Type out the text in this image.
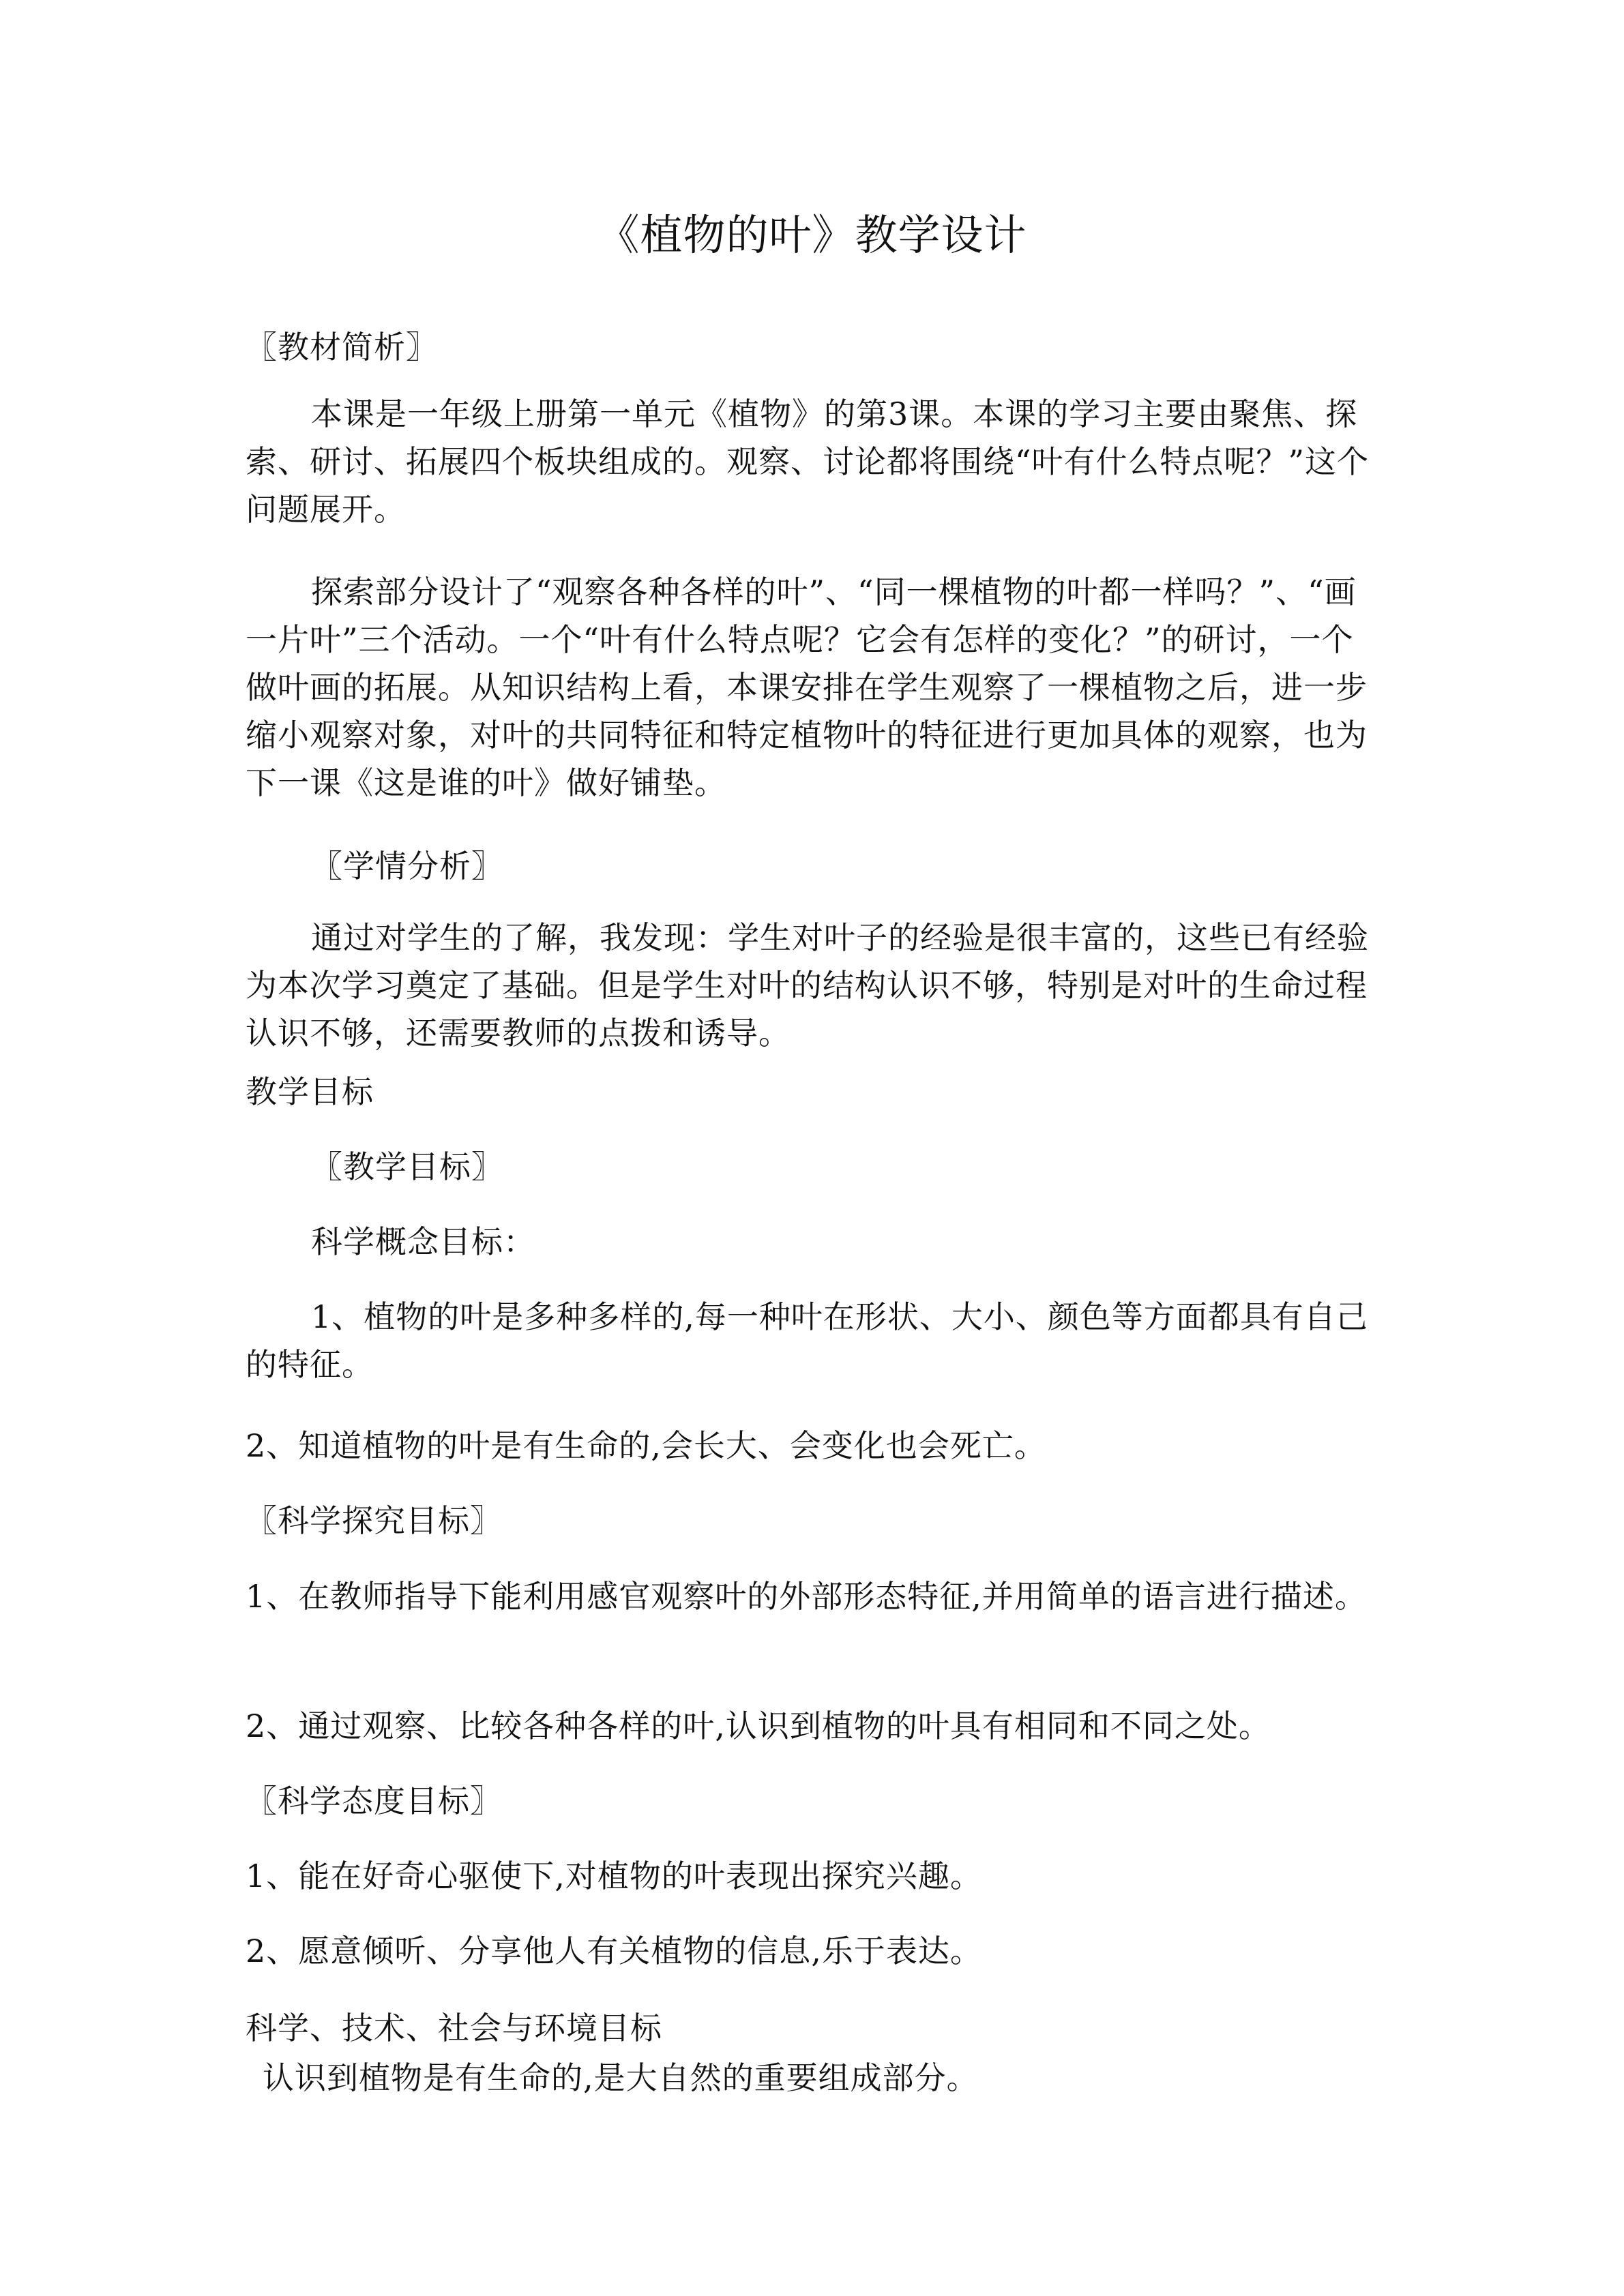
《植物的叶》教学设计

〖教材简析〗

本课是一年级上册第一单元《植物》的第3课。本课的学习主要由聚焦、探索、研讨、拓展四个板块组成的。观察、讨论都将围绕“叶有什么特点呢？”这个问题展开。

探索部分设计了“观察各种各样的叶”、“同一棵植物的叶都一样吗？”、“画一片叶”三个活动。一个“叶有什么特点呢？它会有怎样的变化？”的研讨，一个做叶画的拓展。从知识结构上看，本课安排在学生观察了一棵植物之后，进一步缩小观察对象，对叶的共同特征和特定植物叶的特征进行更加具体的观察，也为下一课《这是谁的叶》做好铺垫。

〖学情分析〗

通过对学生的了解，我发现：学生对叶子的经验是很丰富的，这些已有经验为本次学习奠定了基础。但是学生对叶的结构认识不够，特别是对叶的生命过程认识不够，还需要教师的点拨和诱导。

教学目标

〖教学目标〗

科学概念目标：

1、植物的叶是多种多样的,每一种叶在形状、大小、颜色等方面都具有自己的特征。

2、知道植物的叶是有生命的,会长大、会变化也会死亡。

〖科学探究目标〗

1、在教师指导下能利用感官观察叶的外部形态特征,并用简单的语言进行描述。

2、通过观察、比较各种各样的叶,认识到植物的叶具有相同和不同之处。

〖科学态度目标〗

1、能在好奇心驱使下,对植物的叶表现出探究兴趣。

2、愿意倾听、分享他人有关植物的信息,乐于表达。

科学、技术、社会与环境目标

认识到植物是有生命的,是大自然的重要组成部分。
